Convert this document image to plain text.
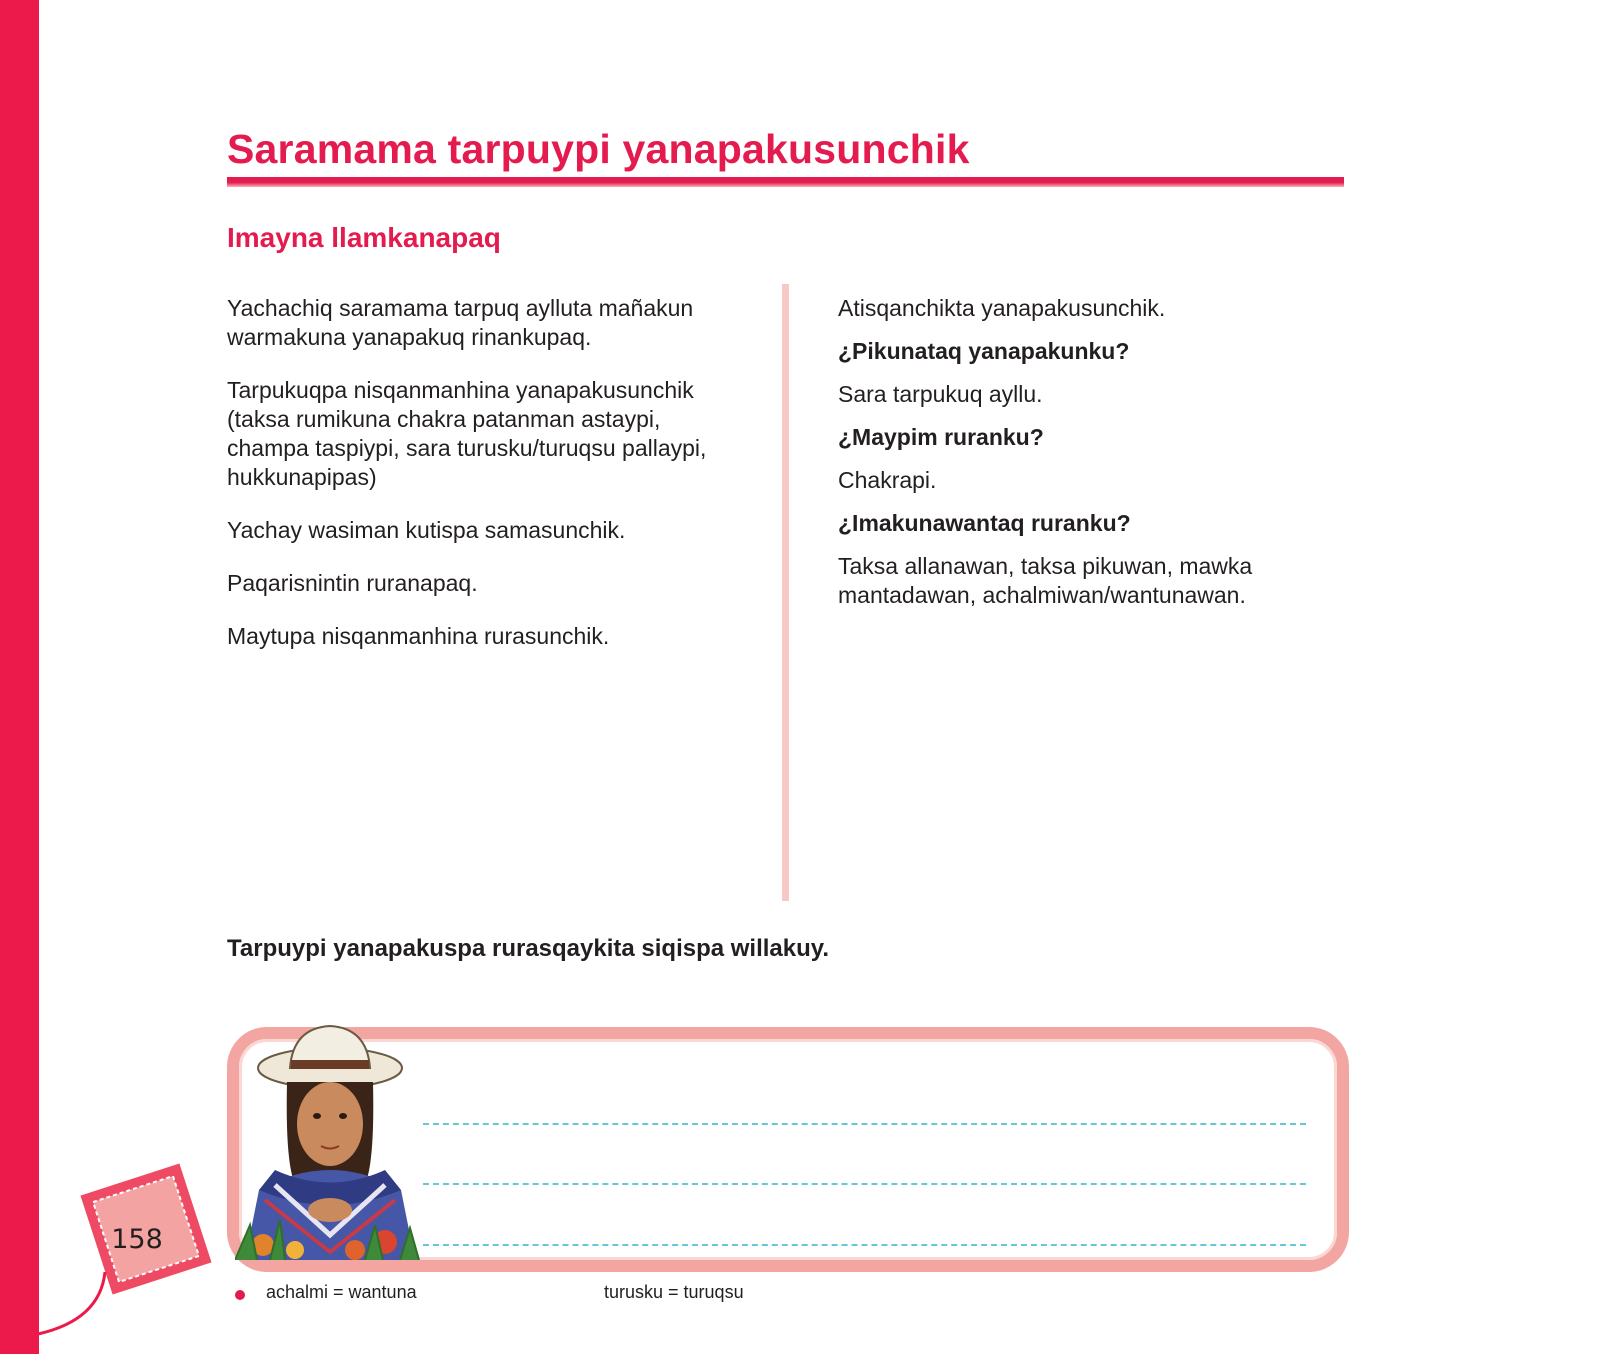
Saramama tarpuypi yanapakusunchik
Imayna llamkanapaq

Yachachiq saramama tarpuq aylluta mañakun warmakuna yanapakuq rinankupaq.

Tarpukuqpa nisqanmanhina yanapakusunchik (taksa rumikuna chakra patanman astaypi, champa taspiypi, sara turusku/turuqsu pallaypi, hukkunapipas)

Yachay wasiman kutispa samasunchik.

Paqarisnintin ruranapaq.

Maytupa nisqanmanhina rurasunchik.

Atisqanchikta yanapakusunchik.

¿Pikunataq yanapakunku?

Sara tarpukuq ayllu.

¿Maypim ruranku?

Chakrapi.

¿Imakunawantaq ruranku?

Taksa allanawan, taksa pikuwan, mawka mantadawan, achalmiwan/wantunawan.

Tarpuypi yanapakuspa rurasqaykita siqispa willakuy.

achalmi = wantuna	turusku = turuqsu

158
